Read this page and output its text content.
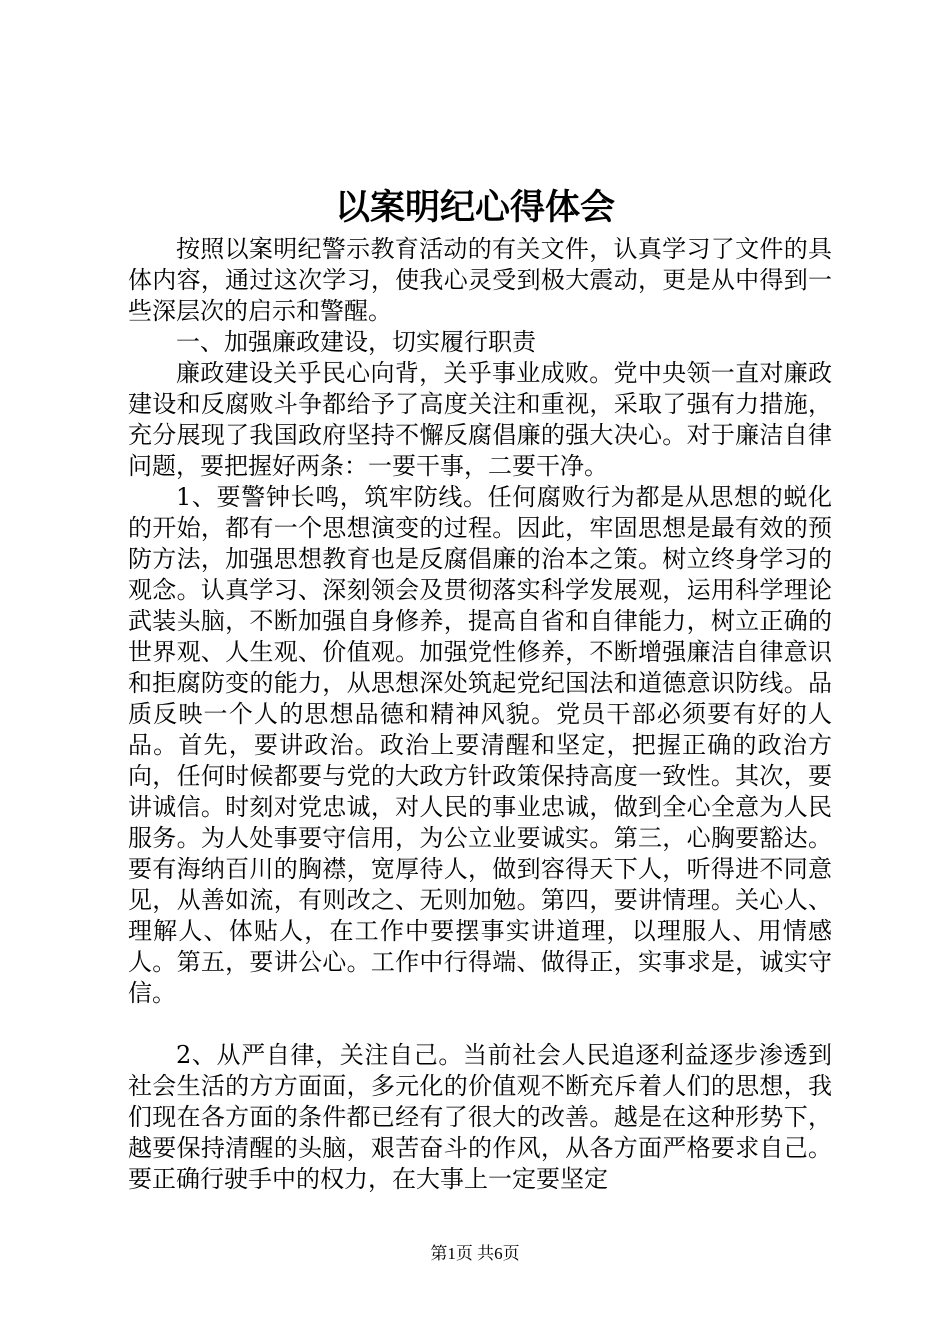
以案明纪心得体会

按照以案明纪警示教育活动的有关文件，认真学习了文件的具体内容，通过这次学习，使我心灵受到极大震动，更是从中得到一些深层次的启示和警醒。

一、加强廉政建设，切实履行职责

廉政建设关乎民心向背，关乎事业成败。党中央领一直对廉政建设和反腐败斗争都给予了高度关注和重视，采取了强有力措施，充分展现了我国政府坚持不懈反腐倡廉的强大决心。对于廉洁自律问题，要把握好两条：一要干事，二要干净。

1、要警钟长鸣，筑牢防线。任何腐败行为都是从思想的蜕化的开始，都有一个思想演变的过程。因此，牢固思想是最有效的预防方法，加强思想教育也是反腐倡廉的治本之策。树立终身学习的观念。认真学习、深刻领会及贯彻落实科学发展观，运用科学理论武装头脑，不断加强自身修养，提高自省和自律能力，树立正确的世界观、人生观、价值观。加强党性修养，不断增强廉洁自律意识和拒腐防变的能力，从思想深处筑起党纪国法和道德意识防线。品质反映一个人的思想品德和精神风貌。党员干部必须要有好的人品。首先，要讲政治。政治上要清醒和坚定，把握正确的政治方向，任何时候都要与党的大政方针政策保持高度一致性。其次，要讲诚信。时刻对党忠诚，对人民的事业忠诚，做到全心全意为人民服务。为人处事要守信用，为公立业要诚实。第三，心胸要豁达。要有海纳百川的胸襟，宽厚待人，做到容得天下人，听得进不同意见，从善如流，有则改之、无则加勉。第四，要讲情理。关心人、理解人、体贴人，在工作中要摆事实讲道理，以理服人、用情感人。第五，要讲公心。工作中行得端、做得正，实事求是，诚实守信。

2、从严自律，关注自己。当前社会人民追逐利益逐步渗透到社会生活的方方面面，多元化的价值观不断充斥着人们的思想，我们现在各方面的条件都已经有了很大的改善。越是在这种形势下，越要保持清醒的头脑，艰苦奋斗的作风，从各方面严格要求自己。要正确行驶手中的权力，在大事上一定要坚定

第1页 共6页
